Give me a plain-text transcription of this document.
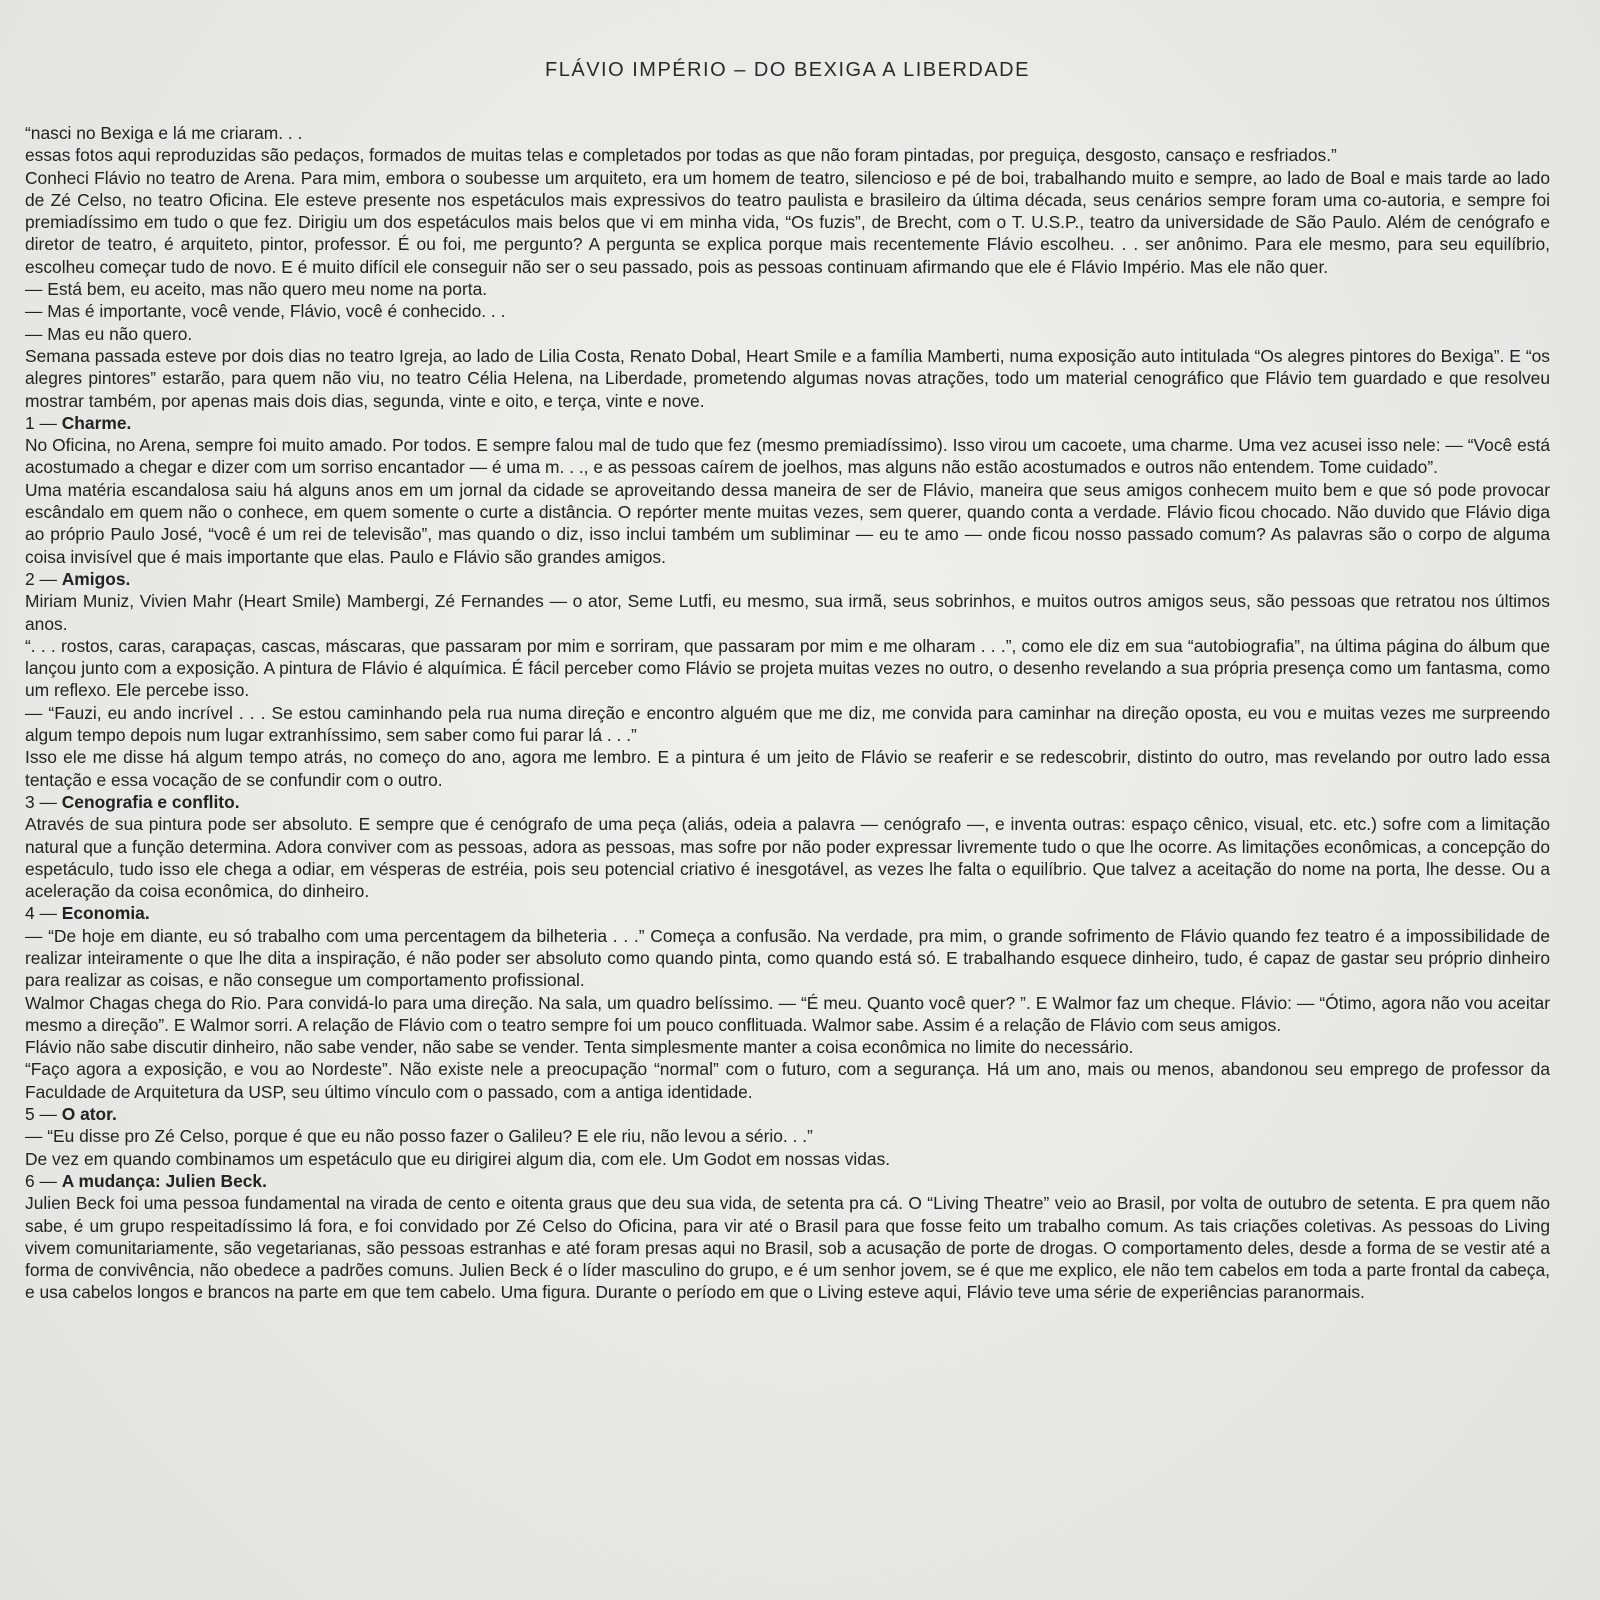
FLÁVIO IMPÉRIO – DO BEXIGA A LIBERDADE

“nasci no Bexiga e lá me criaram. . .

essas fotos aqui reproduzidas são pedaços, formados de muitas telas e completados por todas as que não foram pintadas, por preguiça, desgosto, cansaço e resfriados.”

Conheci Flávio no teatro de Arena. Para mim, embora o soubesse um arquiteto, era um homem de teatro, silencioso e pé de boi, trabalhando muito e sempre, ao lado de Boal e mais tarde ao lado de Zé Celso, no teatro Oficina. Ele esteve presente nos espetáculos mais expressivos do teatro paulista e brasileiro da última década, seus cenários sempre foram uma co-autoria, e sempre foi premiadíssimo em tudo o que fez. Dirigiu um dos espetáculos mais belos que vi em minha vida, “Os fuzis”, de Brecht, com o T. U.S.P., teatro da universidade de São Paulo. Além de cenógrafo e diretor de teatro, é arquiteto, pintor, professor. É ou foi, me pergunto? A pergunta se explica porque mais recentemente Flávio escolheu. . . ser anônimo. Para ele mesmo, para seu equilíbrio, escolheu começar tudo de novo. E é muito difícil ele conseguir não ser o seu passado, pois as pessoas continuam afirmando que ele é Flávio Império. Mas ele não quer.

— Está bem, eu aceito, mas não quero meu nome na porta.

— Mas é importante, você vende, Flávio, você é conhecido. . .

— Mas eu não quero.

Semana passada esteve por dois dias no teatro Igreja, ao lado de Lilia Costa, Renato Dobal, Heart Smile e a família Mamberti, numa exposição auto intitulada “Os alegres pintores do Bexiga”. E “os alegres pintores” estarão, para quem não viu, no teatro Célia Helena, na Liberdade, prometendo algumas novas atrações, todo um material cenográfico que Flávio tem guardado e que resolveu mostrar também, por apenas mais dois dias, segunda, vinte e oito, e terça, vinte e nove.

1 — Charme.

No Oficina, no Arena, sempre foi muito amado. Por todos. E sempre falou mal de tudo que fez (mesmo premiadíssimo). Isso virou um cacoete, uma charme. Uma vez acusei isso nele: — “Você está acostumado a chegar e dizer com um sorriso encantador — é uma m. . ., e as pessoas caírem de joelhos, mas alguns não estão acostumados e outros não entendem. Tome cuidado”.

Uma matéria escandalosa saiu há alguns anos em um jornal da cidade se aproveitando dessa maneira de ser de Flávio, maneira que seus amigos conhecem muito bem e que só pode provocar escândalo em quem não o conhece, em quem somente o curte a distância. O repórter mente muitas vezes, sem querer, quando conta a verdade. Flávio ficou chocado. Não duvido que Flávio diga ao próprio Paulo José, “você é um rei de televisão”, mas quando o diz, isso inclui também um subliminar — eu te amo — onde ficou nosso passado comum? As palavras são o corpo de alguma coisa invisível que é mais importante que elas. Paulo e Flávio são grandes amigos.

2 — Amigos.

Miriam Muniz, Vivien Mahr (Heart Smile) Mambergi, Zé Fernandes — o ator, Seme Lutfi, eu mesmo, sua irmã, seus sobrinhos, e muitos outros amigos seus, são pessoas que retratou nos últimos anos.

“. . . rostos, caras, carapaças, cascas, máscaras, que passaram por mim e sorriram, que passaram por mim e me olharam . . .”, como ele diz em sua “autobiografia”, na última página do álbum que lançou junto com a exposição. A pintura de Flávio é alquímica. É fácil perceber como Flávio se projeta muitas vezes no outro, o desenho revelando a sua própria presença como um fantasma, como um reflexo. Ele percebe isso.

— “Fauzi, eu ando incrível . . . Se estou caminhando pela rua numa direção e encontro alguém que me diz, me convida para caminhar na direção oposta, eu vou e muitas vezes me surpreendo algum tempo depois num lugar extranhíssimo, sem saber como fui parar lá . . .”

Isso ele me disse há algum tempo atrás, no começo do ano, agora me lembro. E a pintura é um jeito de Flávio se reaferir e se redescobrir, distinto do outro, mas revelando por outro lado essa tentação e essa vocação de se confundir com o outro.

3 — Cenografia e conflito.

Através de sua pintura pode ser absoluto. E sempre que é cenógrafo de uma peça (aliás, odeia a palavra — cenógrafo —, e inventa outras: espaço cênico, visual, etc. etc.) sofre com a limitação natural que a função determina. Adora conviver com as pessoas, adora as pessoas, mas sofre por não poder expressar livremente tudo o que lhe ocorre. As limitações econômicas, a concepção do espetáculo, tudo isso ele chega a odiar, em vésperas de estréia, pois seu potencial criativo é inesgotável, as vezes lhe falta o equilíbrio. Que talvez a aceitação do nome na porta, lhe desse. Ou a aceleração da coisa econômica, do dinheiro.

4 — Economia.

— “De hoje em diante, eu só trabalho com uma percentagem da bilheteria . . .” Começa a confusão. Na verdade, pra mim, o grande sofrimento de Flávio quando fez teatro é a impossibilidade de realizar inteiramente o que lhe dita a inspiração, é não poder ser absoluto como quando pinta, como quando está só. E trabalhando esquece dinheiro, tudo, é capaz de gastar seu próprio dinheiro para realizar as coisas, e não consegue um comportamento profissional.

Walmor Chagas chega do Rio. Para convidá-lo para uma direção. Na sala, um quadro belíssimo. — “É meu. Quanto você quer? ”. E Walmor faz um cheque. Flávio: — “Ótimo, agora não vou aceitar mesmo a direção”. E Walmor sorri. A relação de Flávio com o teatro sempre foi um pouco conflituada. Walmor sabe. Assim é a relação de Flávio com seus amigos.

Flávio não sabe discutir dinheiro, não sabe vender, não sabe se vender. Tenta simplesmente manter a coisa econômica no limite do necessário.

“Faço agora a exposição, e vou ao Nordeste”. Não existe nele a preocupação “normal” com o futuro, com a segurança. Há um ano, mais ou menos, abandonou seu emprego de professor da Faculdade de Arquitetura da USP, seu último vínculo com o passado, com a antiga identidade.

5 — O ator.

— “Eu disse pro Zé Celso, porque é que eu não posso fazer o Galileu? E ele riu, não levou a sério. . .”

De vez em quando combinamos um espetáculo que eu dirigirei algum dia, com ele. Um Godot em nossas vidas.

6 — A mudança: Julien Beck.

Julien Beck foi uma pessoa fundamental na virada de cento e oitenta graus que deu sua vida, de setenta pra cá. O “Living Theatre” veio ao Brasil, por volta de outubro de setenta. E pra quem não sabe, é um grupo respeitadíssimo lá fora, e foi convidado por Zé Celso do Oficina, para vir até o Brasil para que fosse feito um trabalho comum. As tais criações coletivas. As pessoas do Living vivem comunitariamente, são vegetarianas, são pessoas estranhas e até foram presas aqui no Brasil, sob a acusação de porte de drogas. O comportamento deles, desde a forma de se vestir até a forma de convivência, não obedece a padrões comuns. Julien Beck é o líder masculino do grupo, e é um senhor jovem, se é que me explico, ele não tem cabelos em toda a parte frontal da cabeça, e usa cabelos longos e brancos na parte em que tem cabelo. Uma figura. Durante o período em que o Living esteve aqui, Flávio teve uma série de experiências paranormais.
